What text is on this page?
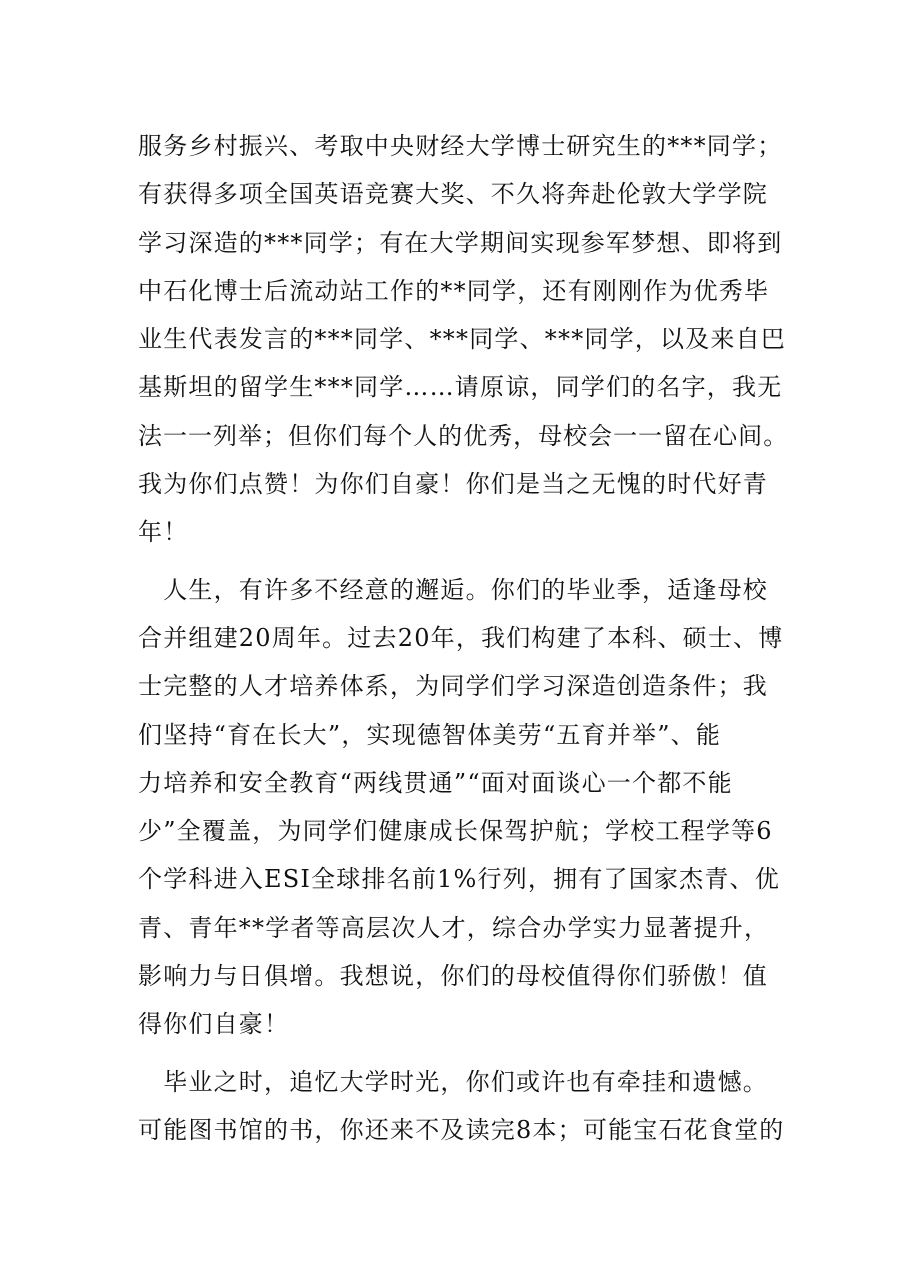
服务乡村振兴、考取中央财经大学博士研究生的***同学；
有获得多项全国英语竞赛大奖、不久将奔赴伦敦大学学院
学习深造的***同学；有在大学期间实现参军梦想、即将到
中石化博士后流动站工作的**同学，还有刚刚作为优秀毕
业生代表发言的***同学、***同学、***同学，以及来自巴
基斯坦的留学生***同学……请原谅，同学们的名字，我无
法一一列举；但你们每个人的优秀，母校会一一留在心间。
我为你们点赞！为你们自豪！你们是当之无愧的时代好青
年！
　人生，有许多不经意的邂逅。你们的毕业季，适逢母校
合并组建20周年。过去20年，我们构建了本科、硕士、博
士完整的人才培养体系，为同学们学习深造创造条件；我
们坚持“育在长大”，实现德智体美劳“五育并举”、能
力培养和安全教育“两线贯通”“面对面谈心一个都不能
少”全覆盖，为同学们健康成长保驾护航；学校工程学等6
个学科进入ESI全球排名前1%行列，拥有了国家杰青、优
青、青年**学者等高层次人才，综合办学实力显著提升，
影响力与日俱增。我想说，你们的母校值得你们骄傲！值
得你们自豪！
　毕业之时，追忆大学时光，你们或许也有牵挂和遗憾。
可能图书馆的书，你还来不及读完8本；可能宝石花食堂的
